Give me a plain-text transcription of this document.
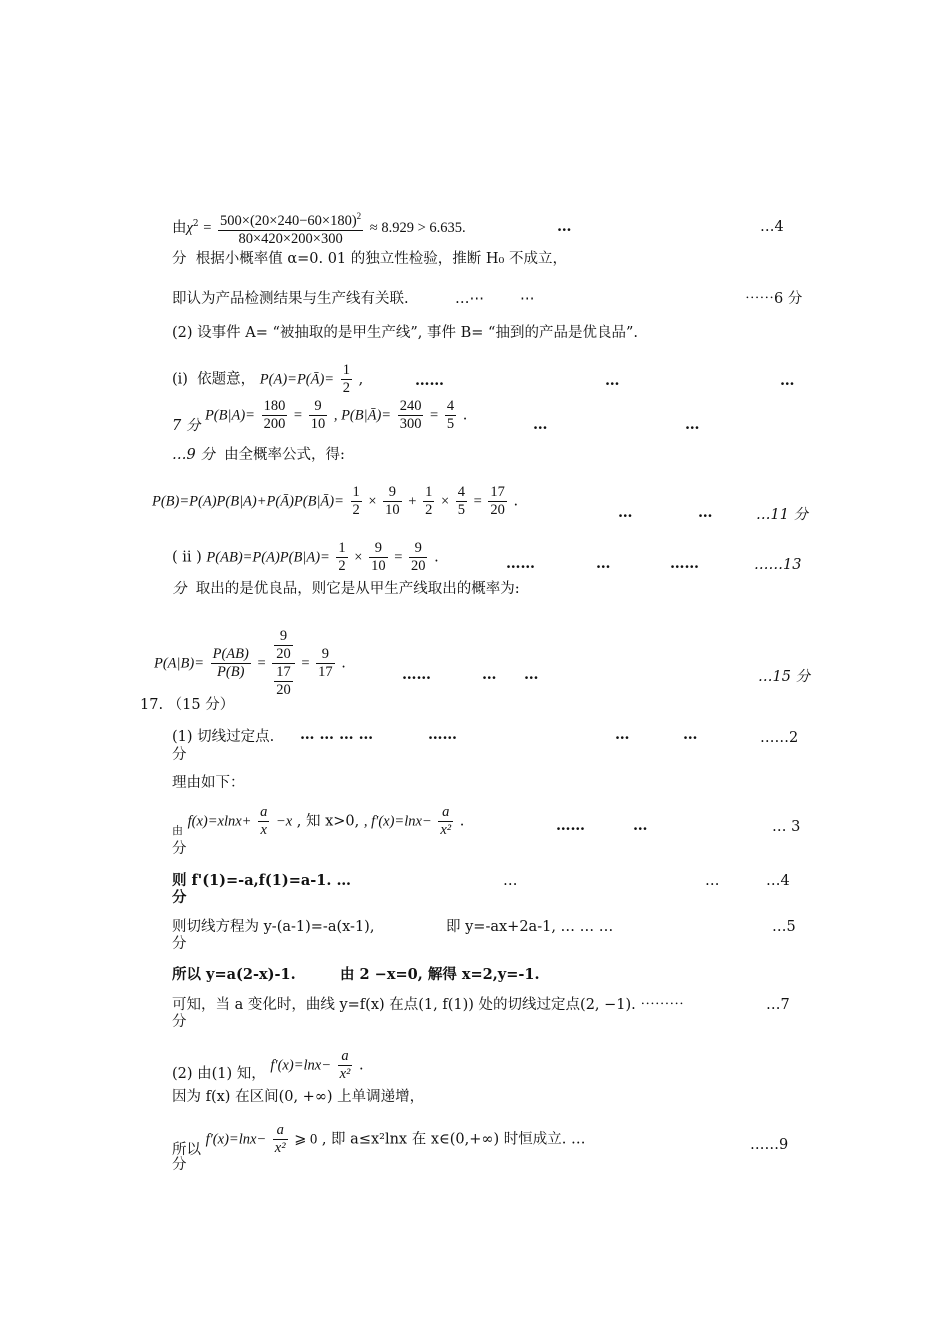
由$\chi^2 = \frac{500\times(20\times 240-60\times 180)^2}{80\times 420\times 200\times 300} \approx 8.929 > 6.635$.	…	…4
分 根据小概率值 α=0. 01 的独立性检验，推断 H₀ 不成立，
即认为产品检测结果与生产线有关联.	…⋯ ⋯	⋯⋯6 分
(2) 设事件 A= “被抽取的是甲生产线”, 事件 B= “抽到的产品是优良品”.
(i) 依题意， P(A)=P(Ā)= $\frac{1}{2}$ ,	……	…	…
7 分 $P(B|A)= \frac{180}{200} = \frac{9}{10}$ , P(B|Ā)= $\frac{240}{300} = \frac{4}{5}$ .
…	…
…9 分 由全概率公式，得:
P(B)=P(A)P(B|A)+P(Ā)P(B|Ā)= $\frac{1}{2} \times \frac{9}{10} + \frac{1}{2} \times \frac{4}{5} = \frac{17}{20}$ .
…	…	…11 分
( ⅱ ) $P(AB)=P(A)P(B|A)= \frac{1}{2} \times \frac{9}{10} = \frac{9}{20}$ .	……	…	……	……13
分 取出的是优良品，则它是从甲生产线取出的概率为:
$P(A|B)= \frac{P(AB)}{P(B)} = \frac{\frac{9}{20}}{\frac{17}{20}} = \frac{9}{17}$ .
……	… …	…15 分
17. （15 分）
(1) 切线过定点. … … … …	……	…	…	……2
分
理由如下：
$_由$ $f(x)=xlnx+ \frac{a}{x} -x$ , 知 x>0, , $f'(x)=\ln x- \frac{a}{\text{x²}}$ .	……	…	… 3
分
则 f'(1)=-a,f(1)=a-1. …	…	…	…4
分
则切线方程为 y-(a-1)=-a(x-1),	即 y=-ax+2a-1, … … …	…5
分
所以 y=a(2-x)-1.	由 2 −x=0, 解得 x=2,y=-1.
可知，当 a 变化时，曲线 y=f(x) 在点(1, f(1)) 处的切线过定点(2, −1). ⋯⋯⋯	…7
分
(2) 由(1) 知， $f'(x)=\ln x- \frac{a}{\text{x²}}$ .
因为 f(x) 在区间(0, +∞) 上单调递增，
所以 $f'(x)=\ln x- \frac{a}{\text{x²}}$ ⩾ 0 , 即 a≤x²lnx 在 x∈(0,+∞) 时恒成立. …	……9
分
